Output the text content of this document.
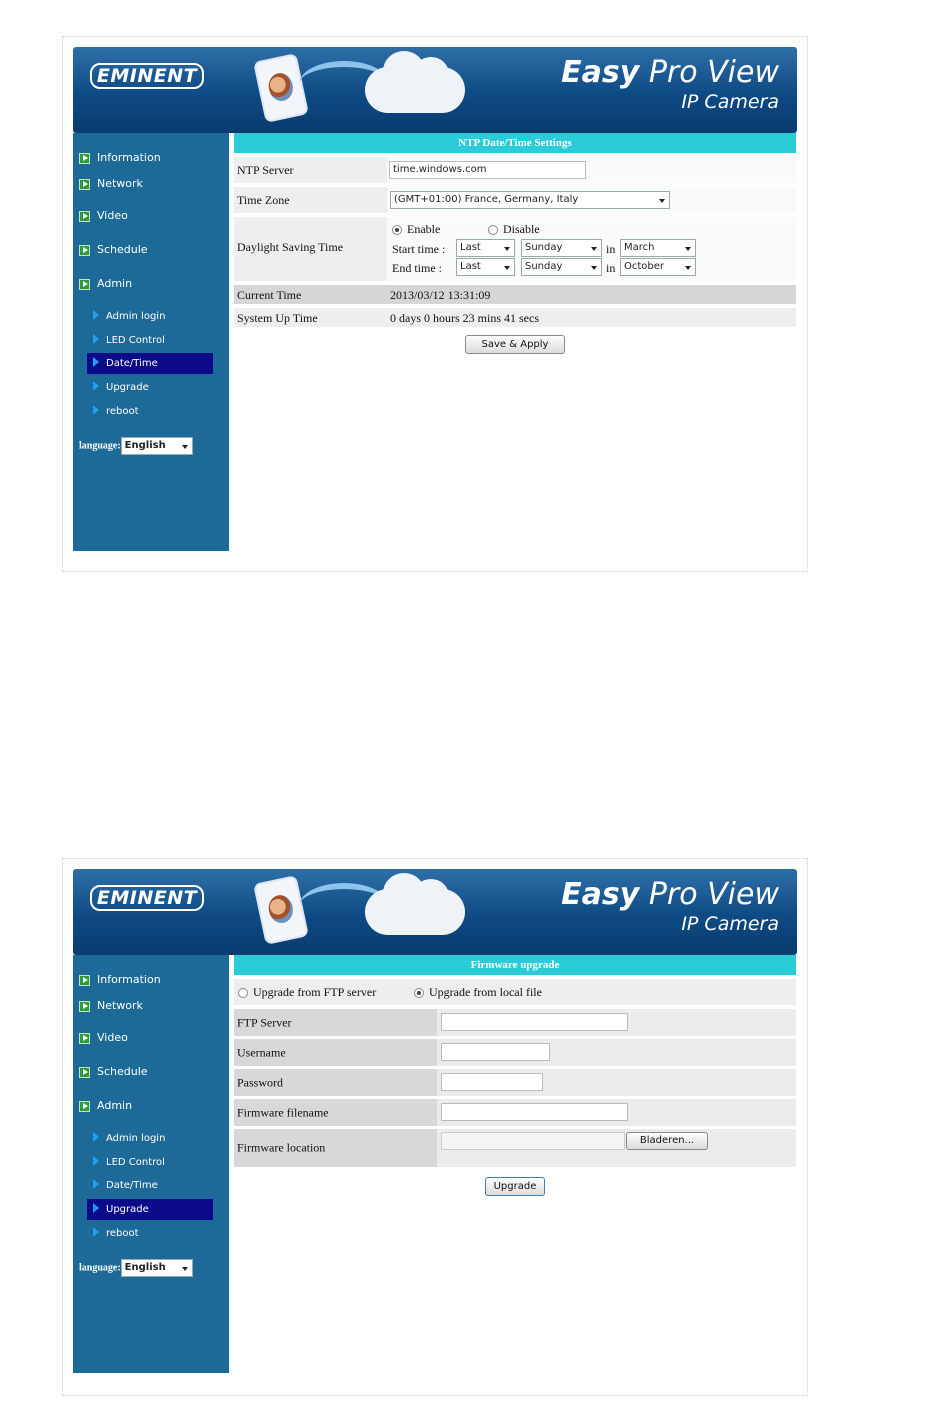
EMINENT	Easy Pro View
IP Camera
Information
Network
Video
Schedule
Admin
Admin login
LED Control
Date/Time
Upgrade
reboot
language: English
NTP Date/Time Settings
NTP Server	time.windows.com
Time Zone	(GMT+01:00) France, Germany, Italy
Daylight Saving Time
Enable	Disable
Start time :	Last	Sunday	in March
End time :	Last	Sunday	in October
Current Time	2013/03/12 13:31:09
System Up Time	0 days 0 hours 23 mins 41 secs
Save & Apply
EMINENT	Easy Pro View
IP Camera
Information
Network
Video
Schedule
Admin
Admin login
LED Control
Date/Time
Upgrade
reboot
language: English
Firmware upgrade
Upgrade from FTP server	Upgrade from local file
FTP Server
Username
Password
Firmware filename
Firmware location	Bladeren...
Upgrade
